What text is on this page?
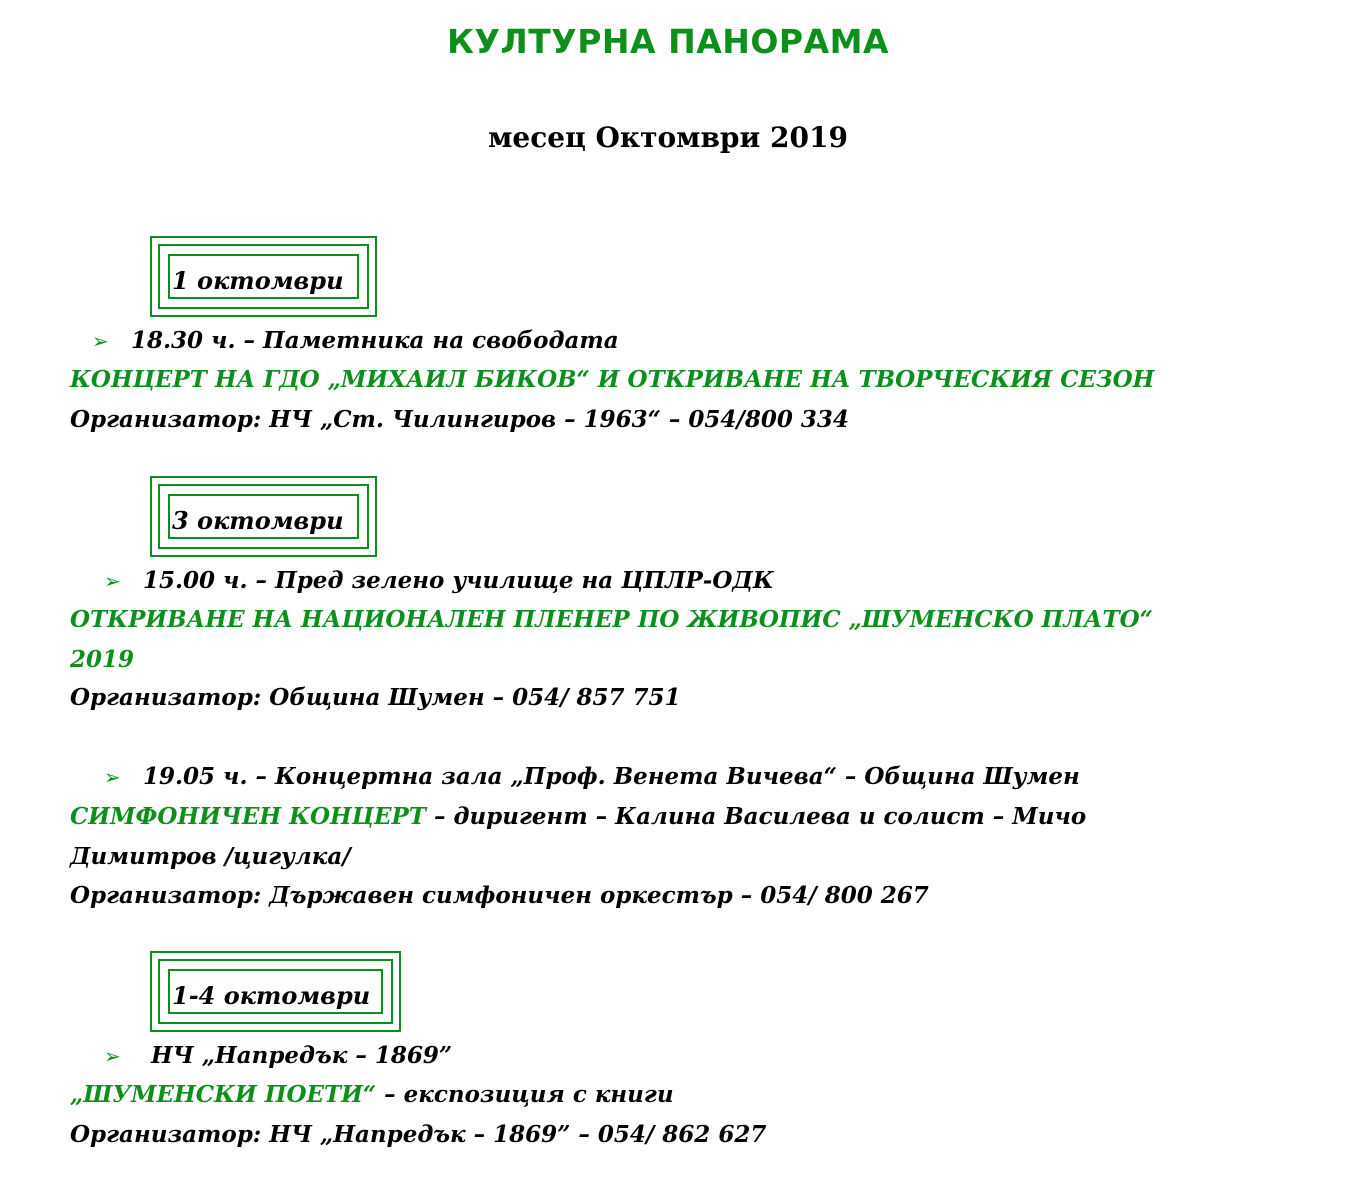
КУЛТУРНА ПАНОРАМА
месец Октомври 2019
1 октомври
➢ 18.30 ч. – Паметника на свободата
КОНЦЕРТ НА ГДО „МИХАИЛ БИКОВ“ И ОТКРИВАНЕ НА ТВОРЧЕСКИЯ СЕЗОН
Организатор: НЧ „Ст. Чилингиров – 1963“ – 054/800 334
3 октомври
➢ 15.00 ч. – Пред зелено училище на ЦПЛР-ОДК
ОТКРИВАНЕ НА НАЦИОНАЛЕН ПЛЕНЕР ПО ЖИВОПИС „ШУМЕНСКО ПЛАТО“
2019
Организатор: Община Шумен – 054/ 857 751
➢ 19.05 ч. – Концертна зала „Проф. Венета Вичева“ – Община Шумен
СИМФОНИЧЕН КОНЦЕРТ – диригент – Калина Василева и солист – Мичо
Димитров /цигулка/
Организатор: Държавен симфоничен оркестър – 054/ 800 267
1-4 октомври
➢ НЧ „Напредък – 1869”
„ШУМЕНСКИ ПОЕТИ“ – експозиция с книги
Организатор: НЧ „Напредък – 1869” – 054/ 862 627
